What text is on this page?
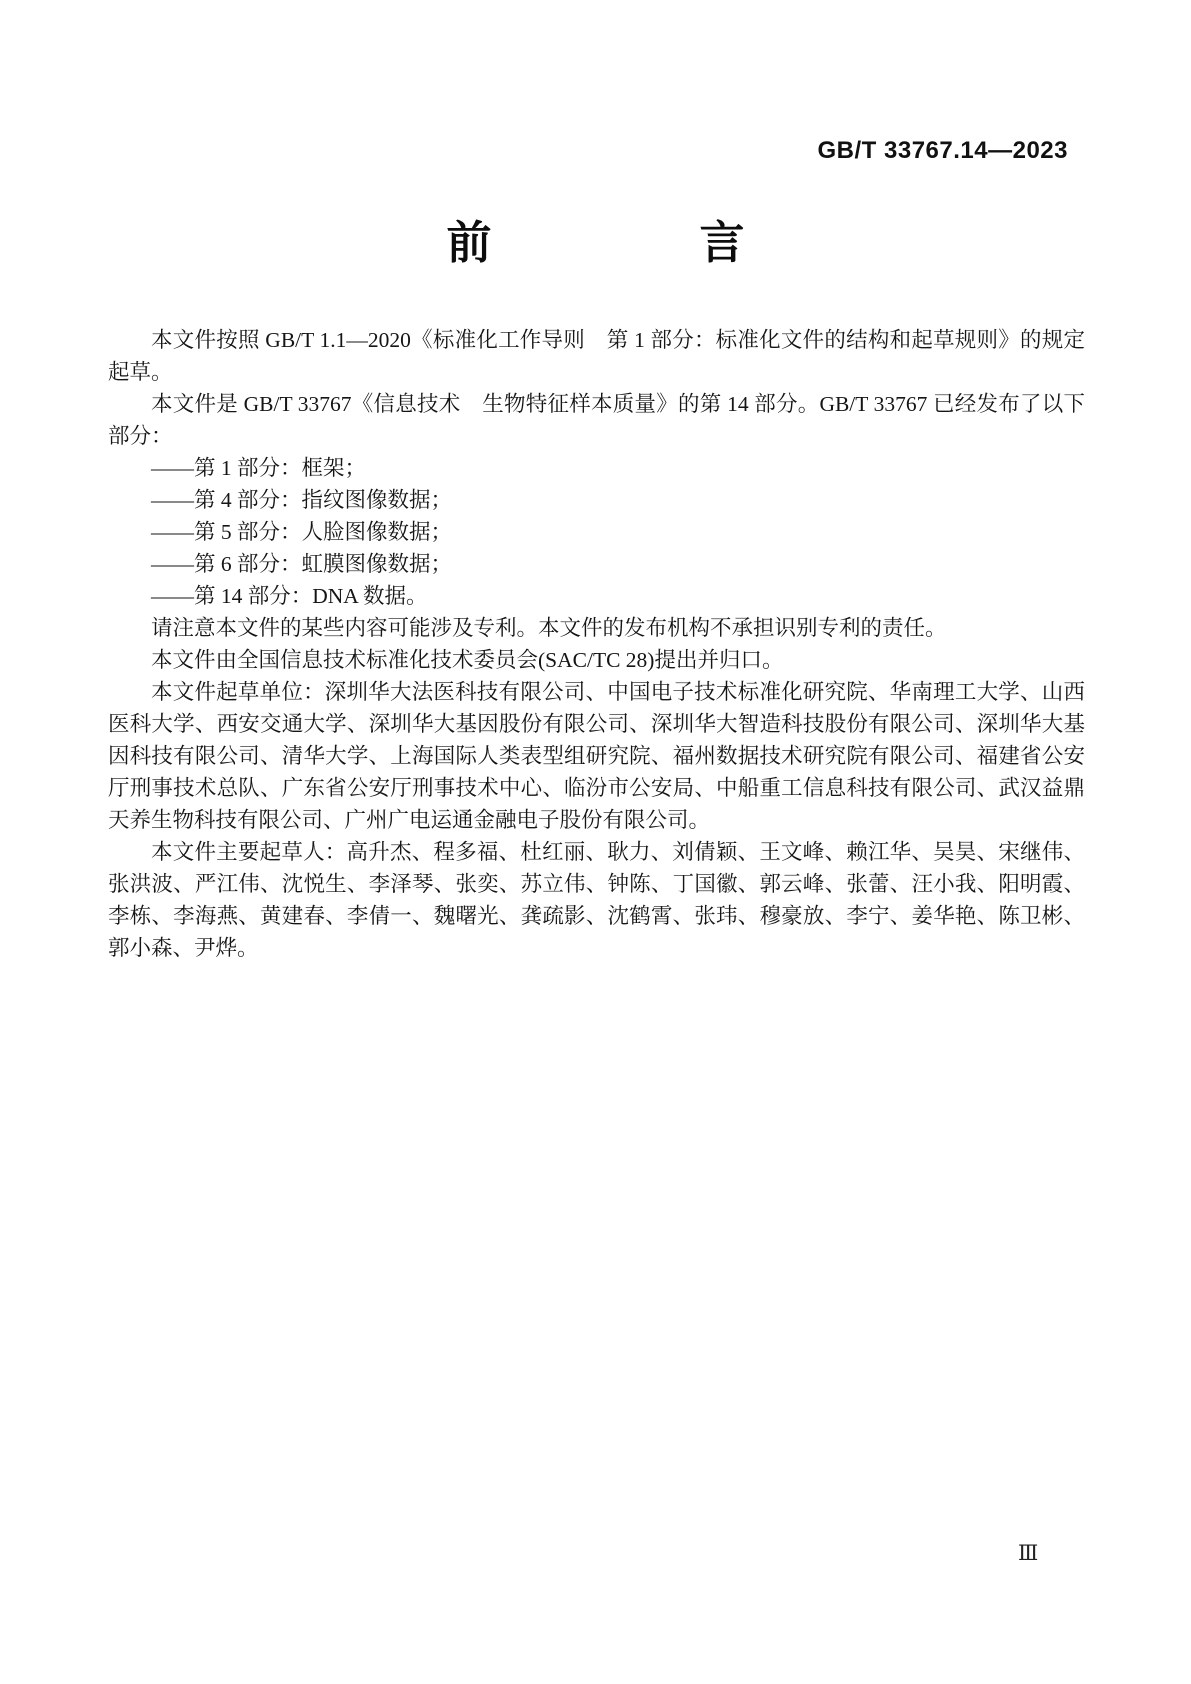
GB/T 33767.14—2023
前	言

本文件按照 GB/T 1.1—2020《标准化工作导则　第 1 部分：标准化文件的结构和起草规则》的规定起草。

本文件是 GB/T 33767《信息技术　生物特征样本质量》的第 14 部分。GB/T 33767 已经发布了以下部分：

——第 1 部分：框架；

——第 4 部分：指纹图像数据；

——第 5 部分：人脸图像数据；

——第 6 部分：虹膜图像数据；

——第 14 部分：DNA 数据。

请注意本文件的某些内容可能涉及专利。本文件的发布机构不承担识别专利的责任。

本文件由全国信息技术标准化技术委员会(SAC/TC 28)提出并归口。

本文件起草单位：深圳华大法医科技有限公司、中国电子技术标准化研究院、华南理工大学、山西医科大学、西安交通大学、深圳华大基因股份有限公司、深圳华大智造科技股份有限公司、深圳华大基因科技有限公司、清华大学、上海国际人类表型组研究院、福州数据技术研究院有限公司、福建省公安厅刑事技术总队、广东省公安厅刑事技术中心、临汾市公安局、中船重工信息科技有限公司、武汉益鼎天养生物科技有限公司、广州广电运通金融电子股份有限公司。

本文件主要起草人：高升杰、程多福、杜红丽、耿力、刘倩颖、王文峰、赖江华、吴昊、宋继伟、张洪波、严江伟、沈悦生、李泽琴、张奕、苏立伟、钟陈、丁国徽、郭云峰、张蕾、汪小我、阳明霞、李栋、李海燕、黄建春、李倩一、魏曙光、龚疏影、沈鹤霄、张玮、穆豪放、李宁、姜华艳、陈卫彬、郭小森、尹烨。

Ⅲ
